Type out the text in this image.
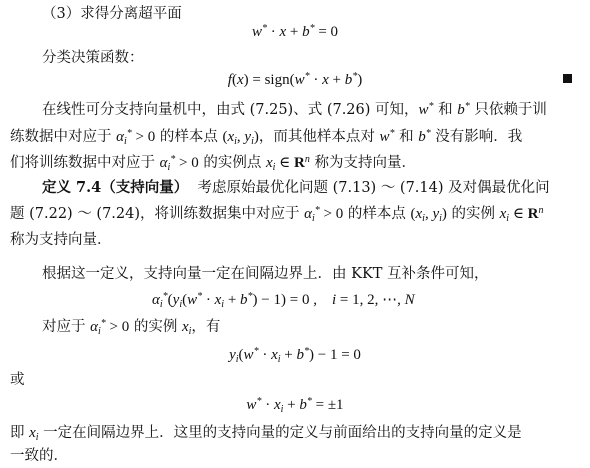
（3）求得分离超平面
w* · x + b* = 0
分类决策函数：
f(x) = sign(w* · x + b*)
在线性可分支持向量机中，由式 (7.25)、式 (7.26) 可知，w* 和 b* 只依赖于训
练数据中对应于 $\alpha_i^* > 0$ 的样本点 ($x_i$, $y_i$)，而其他样本点对 w* 和 b* 没有影响．我
们将训练数据中对应于 $\alpha_i^* > 0$ 的实例点 $x_i$ ∈ $R^n$ 称为支持向量．
定义 7.4（支持向量）  考虑原始最优化问题 (7.13) ～ (7.14) 及对偶最优化问
题 (7.22) ～ (7.24)，将训练数据集中对应于 $\alpha_i^* > 0$ 的样本点 ($x_i$, $y_i$) 的实例 $x_i$ ∈ $R^n$
称为支持向量．
根据这一定义，支持向量一定在间隔边界上．由 KKT 互补条件可知，
$\alpha_i^*(y_i(w^* \cdot x_i + b^*) - 1) = 0$ ,    i = 1, 2, ⋯, N
对应于 $\alpha_i^* > 0$ 的实例 $x_i$，有
$y_i(w^* \cdot x_i + b^*) - 1 = 0$
或
$w^* \cdot x_i + b^* = \pm 1$
即 $x_i$ 一定在间隔边界上．这里的支持向量的定义与前面给出的支持向量的定义是
一致的．
